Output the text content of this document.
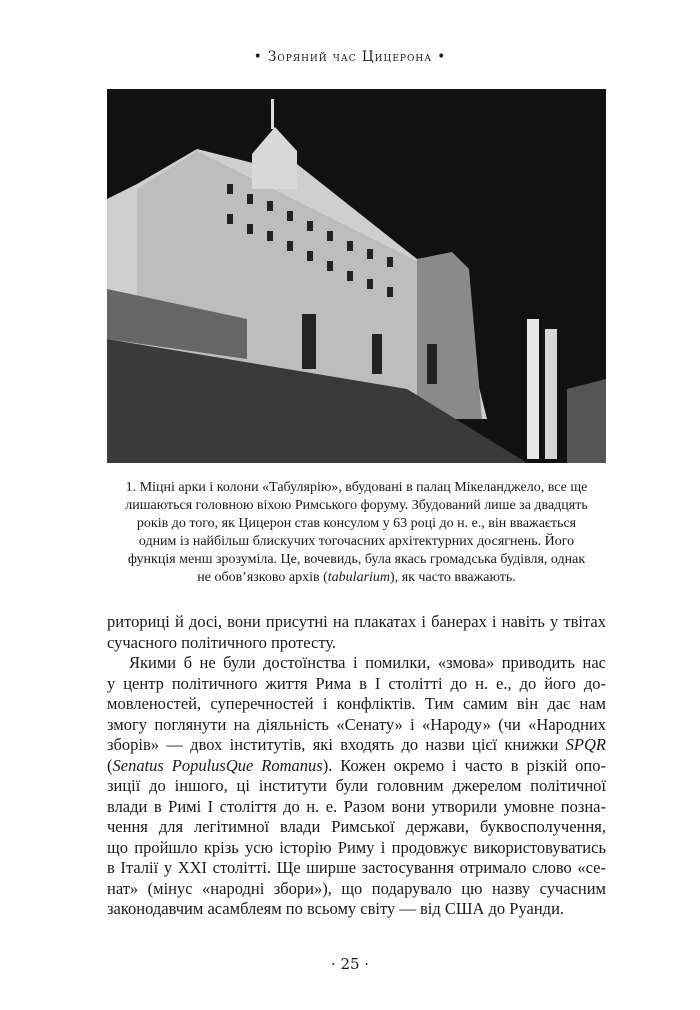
• Зоряний час Цицерона •
1. Міцні арки і колони «Табулярію», вбудовані в палац Мікеланджело, все ще
лишаються головною віхою Римського форуму. Збудований лише за двадцять
років до того, як Цицерон став консулом у 63 році до н. е., він вважається
одним із найбільш блискучих тогочасних архітектурних досягнень. Його
функція менш зрозуміла. Це, вочевидь, була якась громадська будівля, однак
не обов’язково архів (tabularium), як часто вважають.
риториці й досі, вони присутні на плакатах і банерах і навіть у твітах
сучасного політичного протесту.
Якими б не були достоїнства і помилки, «змова» приводить нас
у центр політичного життя Рима в І столітті до н. е., до його до-
мовленостей, суперечностей і конфліктів. Тим самим він дає нам
змогу поглянути на діяльність «Сенату» і «Народу» (чи «Народних
зборів» — двох інститутів, які входять до назви цієї книжки SPQR
(Senatus PopulusQue Romanus). Кожен окремо і часто в різкій опо-
зиції до іншого, ці інститути були головним джерелом політичної
влади в Римі І століття до н. е. Разом вони утворили умовне позна-
чення для легітимної влади Римської держави, буквосполучення,
що пройшло крізь усю історію Риму і продовжує використовуватись
в Італії у XXI столітті. Ще ширше застосування отримало слово «се-
нат» (мінус «народні збори»), що подарувало цю назву сучасним
законодавчим асамблеям по всьому світу — від США до Руанди.
· 25 ·
